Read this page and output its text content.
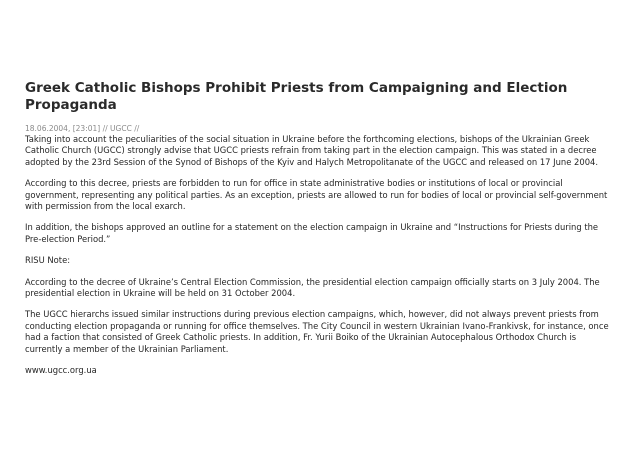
Greek Catholic Bishops Prohibit Priests from Campaigning and Election Propaganda
18.06.2004, [23:01] // UGCC //

Taking into account the peculiarities of the social situation in Ukraine before the forthcoming elections, bishops of the Ukrainian Greek Catholic Church (UGCC) strongly advise that UGCC priests refrain from taking part in the election campaign. This was stated in a decree adopted by the 23rd Session of the Synod of Bishops of the Kyiv and Halych Metropolitanate of the UGCC and released on 17 June 2004.

According to this decree, priests are forbidden to run for office in state administrative bodies or institutions of local or provincial government, representing any political parties. As an exception, priests are allowed to run for bodies of local or provincial self-government with permission from the local exarch.

In addition, the bishops approved an outline for a statement on the election campaign in Ukraine and “Instructions for Priests during the Pre-election Period.”

RISU Note:

According to the decree of Ukraine’s Central Election Commission, the presidential election campaign officially starts on 3 July 2004. The presidential election in Ukraine will be held on 31 October 2004.

The UGCC hierarchs issued similar instructions during previous election campaigns, which, however, did not always prevent priests from conducting election propaganda or running for office themselves. The City Council in western Ukrainian Ivano-Frankivsk, for instance, once had a faction that consisted of Greek Catholic priests. In addition, Fr. Yurii Boiko of the Ukrainian Autocephalous Orthodox Church is currently a member of the Ukrainian Parliament.

www.ugcc.org.ua
